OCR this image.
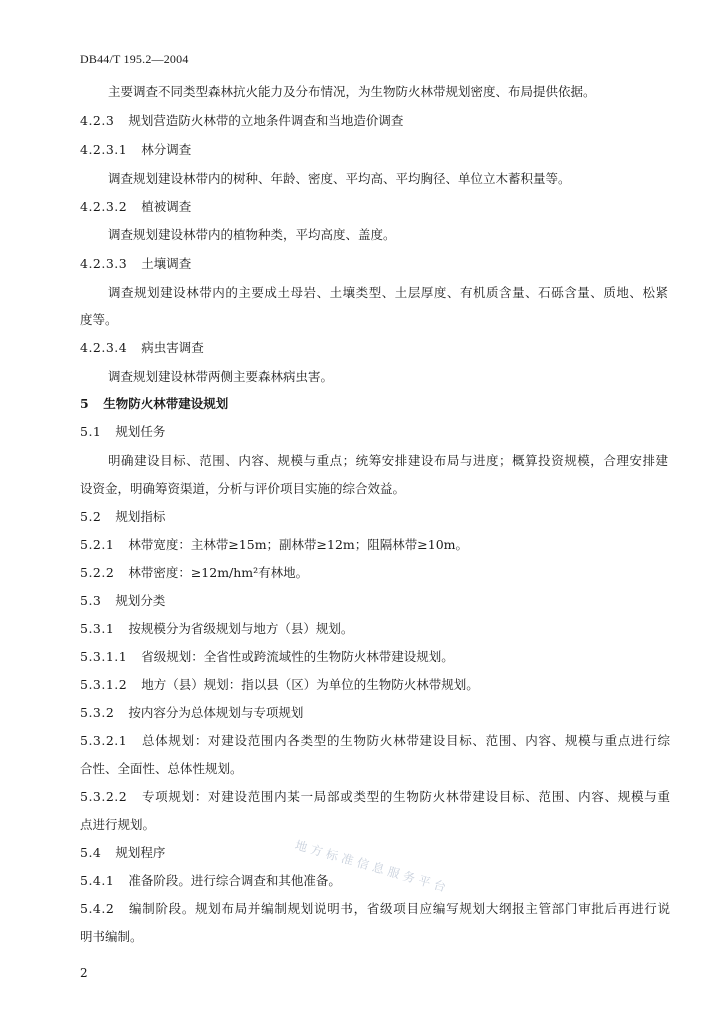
DB44/T 195.2—2004
主要调查不同类型森林抗火能力及分布情况，为生物防火林带规划密度、布局提供依据。
4.2.3 规划营造防火林带的立地条件调查和当地造价调查
4.2.3.1 林分调查
调查规划建设林带内的树种、年龄、密度、平均高、平均胸径、单位立木蓄积量等。
4.2.3.2 植被调查
调查规划建设林带内的植物种类，平均高度、盖度。
4.2.3.3 土壤调查
调查规划建设林带内的主要成土母岩、土壤类型、土层厚度、有机质含量、石砾含量、质地、松紧
度等。
4.2.3.4 病虫害调查
调查规划建设林带两侧主要森林病虫害。
5 生物防火林带建设规划
5.1 规划任务
明确建设目标、范围、内容、规模与重点；统筹安排建设布局与进度；概算投资规模，合理安排建
设资金，明确筹资渠道，分析与评价项目实施的综合效益。
5.2 规划指标
5.2.1 林带宽度：主林带≥15m；副林带≥12m；阻隔林带≥10m。
5.2.2 林带密度：≥12m/hm²有林地。
5.3 规划分类
5.3.1 按规模分为省级规划与地方（县）规划。
5.3.1.1 省级规划：全省性或跨流域性的生物防火林带建设规划。
5.3.1.2 地方（县）规划：指以县（区）为单位的生物防火林带规划。
5.3.2 按内容分为总体规划与专项规划
5.3.2.1 总体规划：对建设范围内各类型的生物防火林带建设目标、范围、内容、规模与重点进行综
合性、全面性、总体性规划。
5.3.2.2 专项规划：对建设范围内某一局部或类型的生物防火林带建设目标、范围、内容、规模与重
点进行规划。
5.4 规划程序
5.4.1 准备阶段。进行综合调查和其他准备。
5.4.2 编制阶段。规划布局并编制规划说明书，省级项目应编写规划大纲报主管部门审批后再进行说
明书编制。
地方标准信息服务平台
2
